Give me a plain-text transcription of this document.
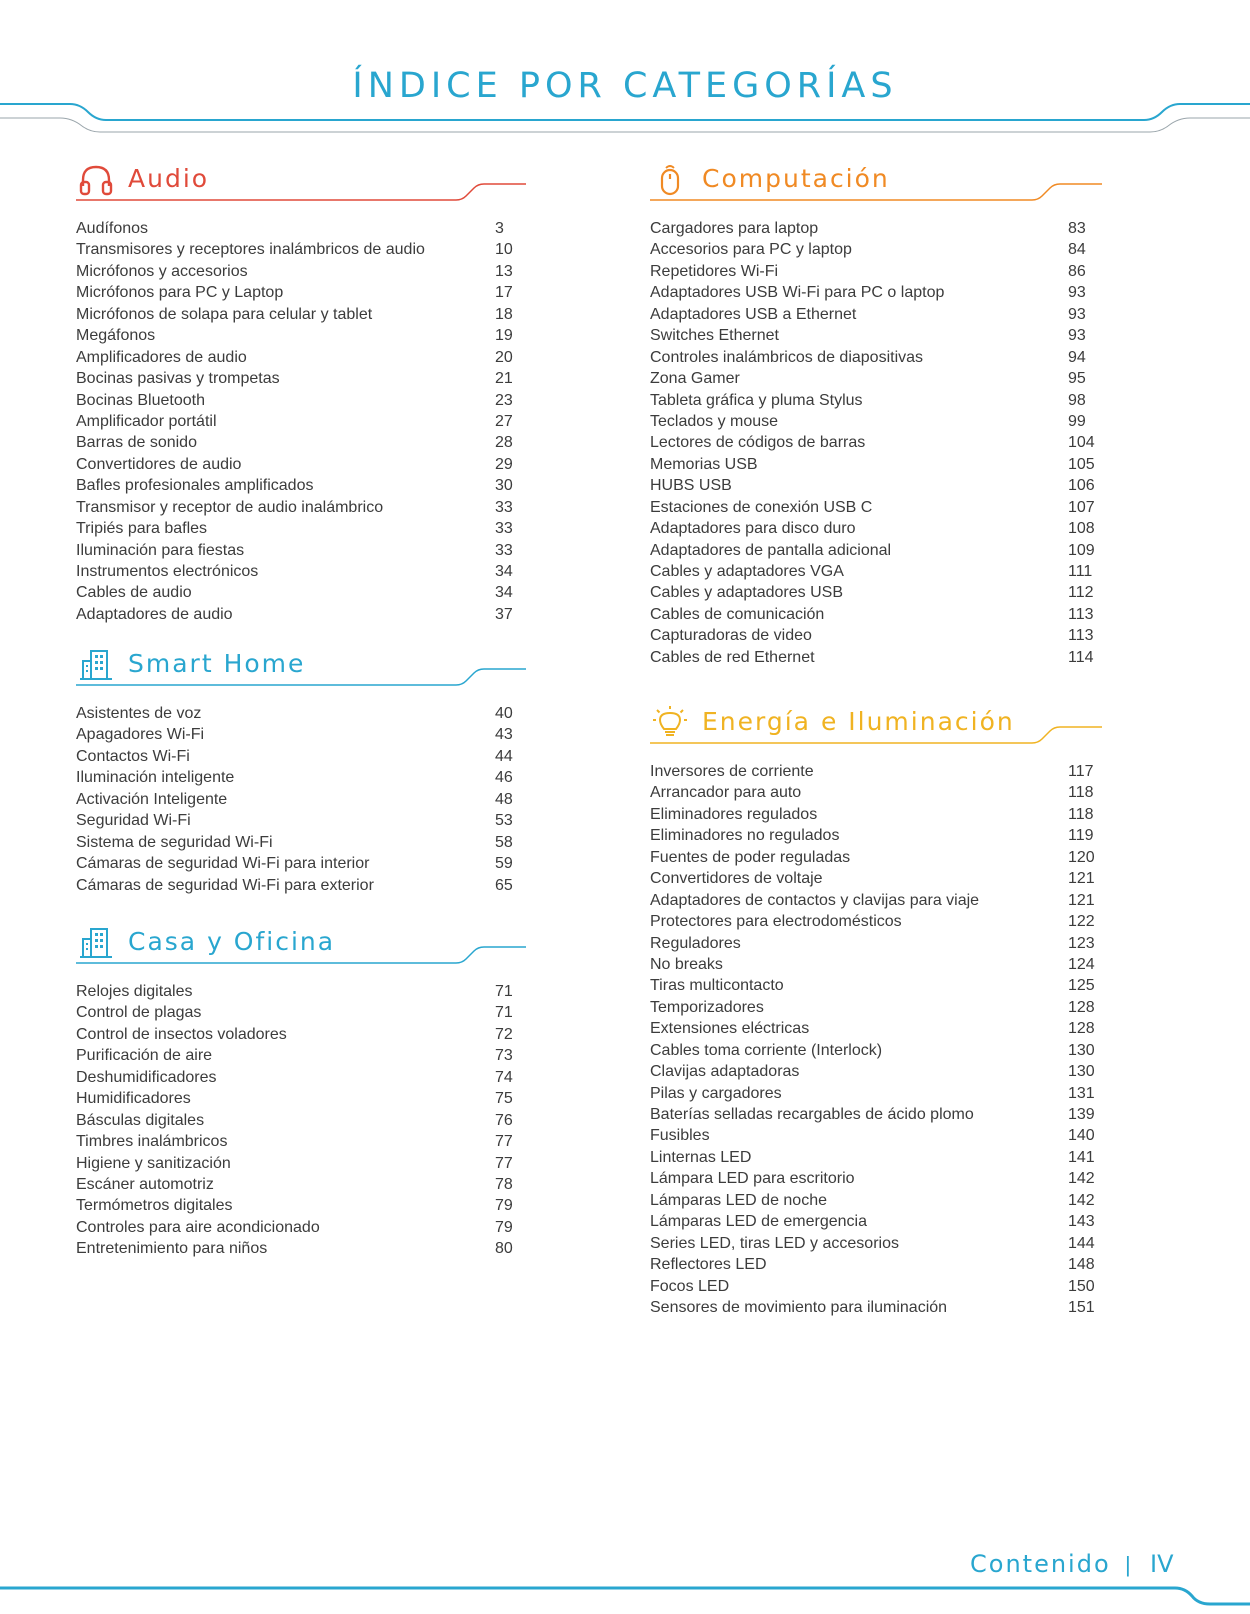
ÍNDICE POR CATEGORÍAS
Audio
Audífonos	3
Transmisores y receptores inalámbricos de audio	10
Micrófonos y accesorios	13
Micrófonos para PC y Laptop	17
Micrófonos de solapa para celular y tablet	18
Megáfonos	19
Amplificadores de audio	20
Bocinas pasivas y trompetas	21
Bocinas Bluetooth	23
Amplificador portátil	27
Barras de sonido	28
Convertidores de audio	29
Bafles profesionales amplificados	30
Transmisor y receptor de audio inalámbrico	33
Tripiés para bafles	33
Iluminación para fiestas	33
Instrumentos electrónicos	34
Cables de audio	34
Adaptadores de audio	37
Smart Home
Asistentes de voz	40
Apagadores Wi-Fi	43
Contactos Wi-Fi	44
Iluminación inteligente	46
Activación Inteligente	48
Seguridad Wi-Fi	53
Sistema de seguridad Wi-Fi	58
Cámaras de seguridad Wi-Fi para interior	59
Cámaras de seguridad Wi-Fi para exterior	65
Casa y Oficina
Relojes digitales	71
Control de plagas	71
Control de insectos voladores	72
Purificación de aire	73
Deshumidificadores	74
Humidificadores	75
Básculas digitales	76
Timbres inalámbricos	77
Higiene y sanitización	77
Escáner automotriz	78
Termómetros digitales	79
Controles para aire acondicionado	79
Entretenimiento para niños	80
Computación
Cargadores para laptop	83
Accesorios para PC y laptop	84
Repetidores Wi-Fi	86
Adaptadores USB Wi-Fi para PC o laptop	93
Adaptadores USB a Ethernet	93
Switches Ethernet	93
Controles inalámbricos de diapositivas	94
Zona Gamer	95
Tableta gráfica y pluma Stylus	98
Teclados y mouse	99
Lectores de códigos de barras	104
Memorias USB	105
HUBS USB	106
Estaciones de conexión USB C	107
Adaptadores para disco duro	108
Adaptadores de pantalla adicional	109
Cables y adaptadores VGA	111
Cables y adaptadores USB	112
Cables de comunicación	113
Capturadoras de video	113
Cables de red Ethernet	114
Energía e Iluminación
Inversores de corriente	117
Arrancador para auto	118
Eliminadores regulados	118
Eliminadores no regulados	119
Fuentes de poder reguladas	120
Convertidores de voltaje	121
Adaptadores de contactos y clavijas para viaje	121
Protectores para electrodomésticos	122
Reguladores	123
No breaks	124
Tiras multicontacto	125
Temporizadores	128
Extensiones eléctricas	128
Cables toma corriente (Interlock)	130
Clavijas adaptadoras	130
Pilas y cargadores	131
Baterías selladas recargables de ácido plomo	139
Fusibles	140
Linternas LED	141
Lámpara LED para escritorio	142
Lámparas LED de noche	142
Lámparas LED de emergencia	143
Series LED, tiras LED y accesorios	144
Reflectores LED	148
Focos LED	150
Sensores de movimiento para iluminación	151
Contenido | IV
